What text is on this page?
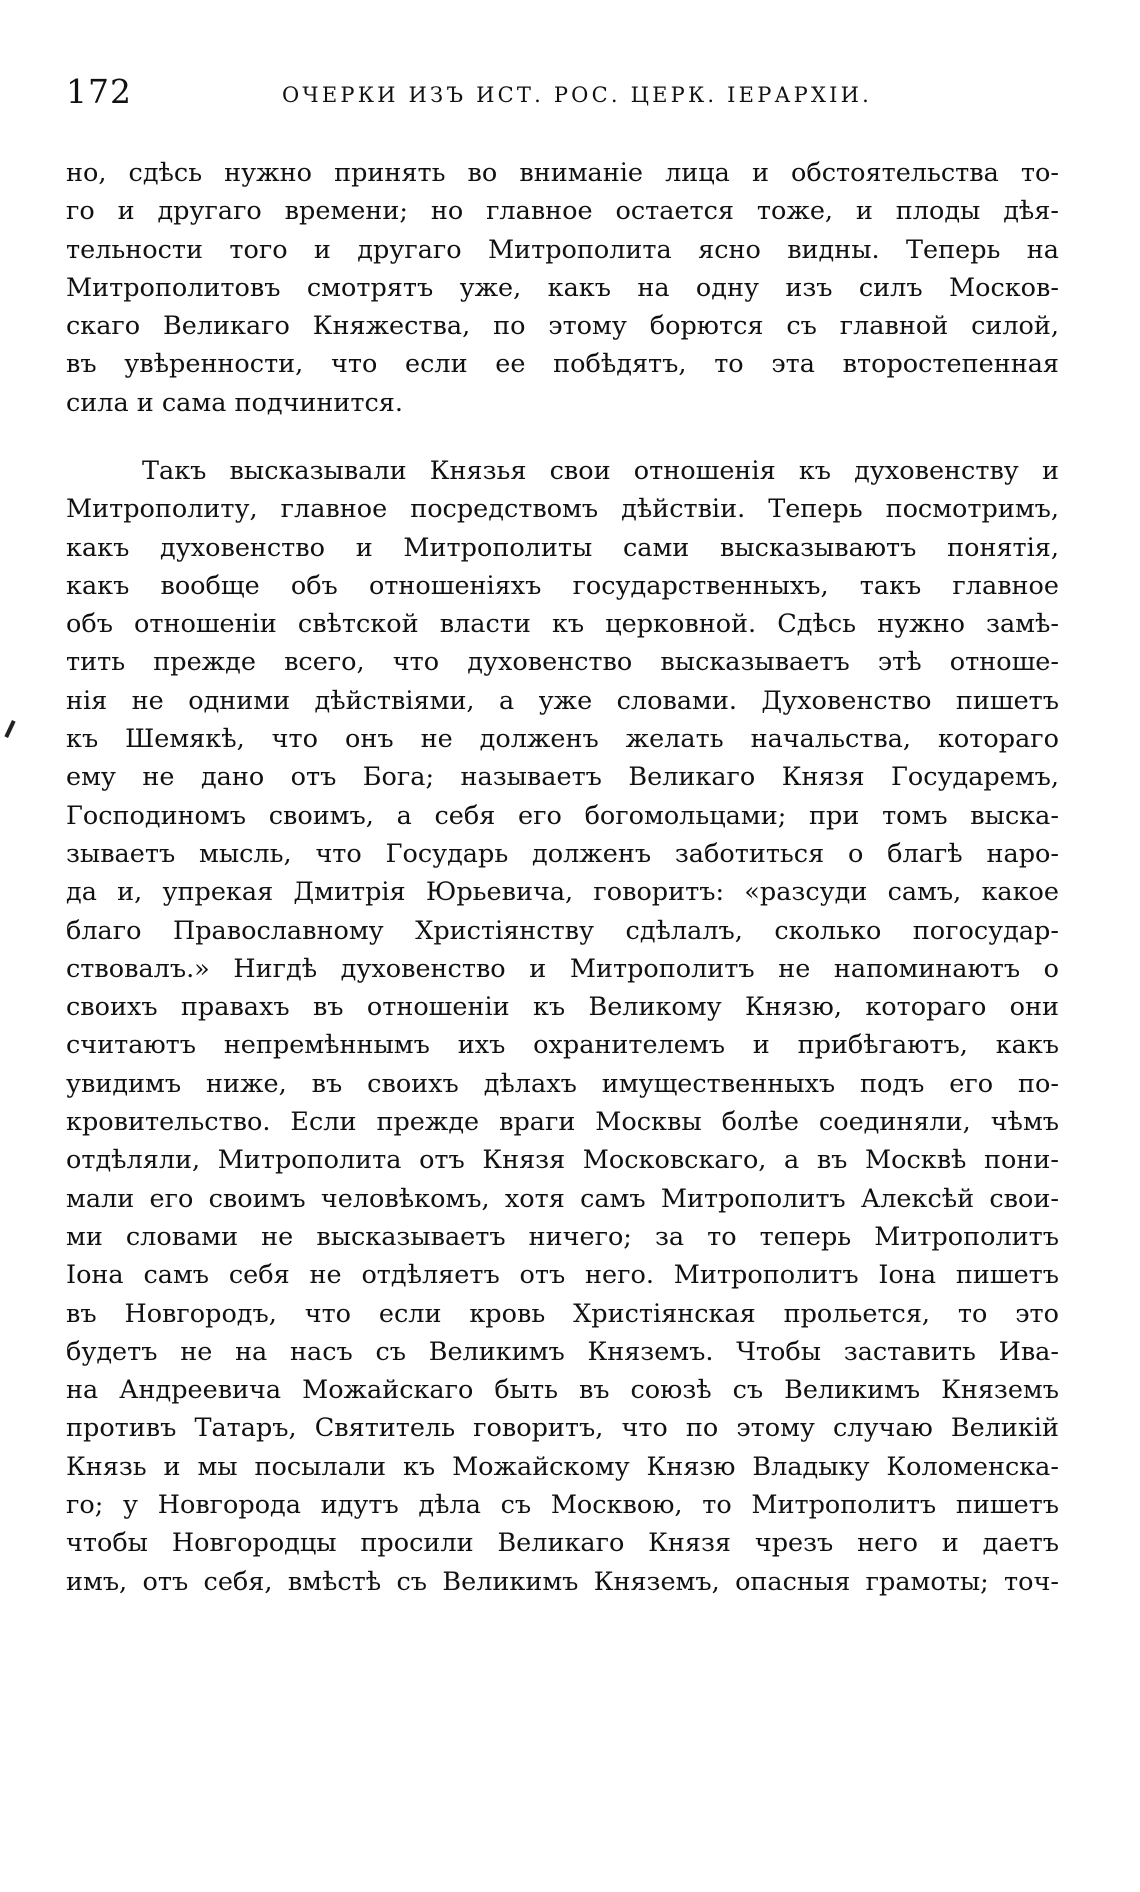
172	ОЧЕРКИ ИЗЪ ИСТ. РОС. ЦЕРК. ІЕРАРХІИ.
но, сдѣсь нужно принять во вниманіе лица и обстоятельства то-
го и другаго времени; но главное остается тоже, и плоды дѣя-
тельности того и другаго Митрополита ясно видны. Теперь на
Митрополитовъ смотрятъ уже, какъ на одну изъ силъ Москов-
скаго Великаго Княжества, по этому борются съ главной силой,
въ увѣренности, что если ее побѣдятъ, то эта второстепенная
сила и сама подчинится.
Такъ высказывали Князья свои отношенія къ духовенству и
Митрополиту, главное посредствомъ дѣйствіи. Теперь посмотримъ,
какъ духовенство и Митрополиты сами высказываютъ понятія,
какъ вообще объ отношеніяхъ государственныхъ, такъ главное
объ отношеніи свѣтской власти къ церковной. Сдѣсь нужно замѣ-
тить прежде всего, что духовенство высказываетъ этѣ отноше-
нія не одними дѣйствіями, а уже словами. Духовенство пишетъ
къ Шемякѣ, что онъ не долженъ желать начальства, котораго
ему не дано отъ Бога; называетъ Великаго Князя Государемъ,
Господиномъ своимъ, а себя его богомольцами; при томъ выска-
зываетъ мысль, что Государь долженъ заботиться о благѣ наро-
да и, упрекая Дмитрія Юрьевича, говоритъ: «разсуди самъ, какое
благо Православному Христіянству сдѣлалъ, сколько погосудар-
ствовалъ.» Нигдѣ духовенство и Митрополитъ не напоминаютъ о
своихъ правахъ въ отношеніи къ Великому Князю, котораго они
считаютъ непремѣннымъ ихъ охранителемъ и прибѣгаютъ, какъ
увидимъ ниже, въ своихъ дѣлахъ имущественныхъ подъ его по-
кровительство. Если прежде враги Москвы болѣе соединяли, чѣмъ
отдѣляли, Митрополита отъ Князя Московскаго, а въ Москвѣ пони-
мали его своимъ человѣкомъ, хотя самъ Митрополитъ Алексѣй свои-
ми словами не высказываетъ ничего; за то теперь Митрополитъ
Іона самъ себя не отдѣляетъ отъ него. Митрополитъ Іона пишетъ
въ Новгородъ, что если кровь Христіянская прольется, то это
будетъ не на насъ съ Великимъ Княземъ. Чтобы заставить Ива-
на Андреевича Можайскаго быть въ союзѣ съ Великимъ Княземъ
противъ Татаръ, Святитель говоритъ, что по этому случаю Великій
Князь и мы посылали къ Можайскому Князю Владыку Коломенска-
го; у Новгорода идутъ дѣла съ Москвою, то Митрополитъ пишетъ
чтобы Новгородцы просили Великаго Князя чрезъ него и даетъ
имъ, отъ себя, вмѣстѣ съ Великимъ Княземъ, опасныя грамоты; точ-
